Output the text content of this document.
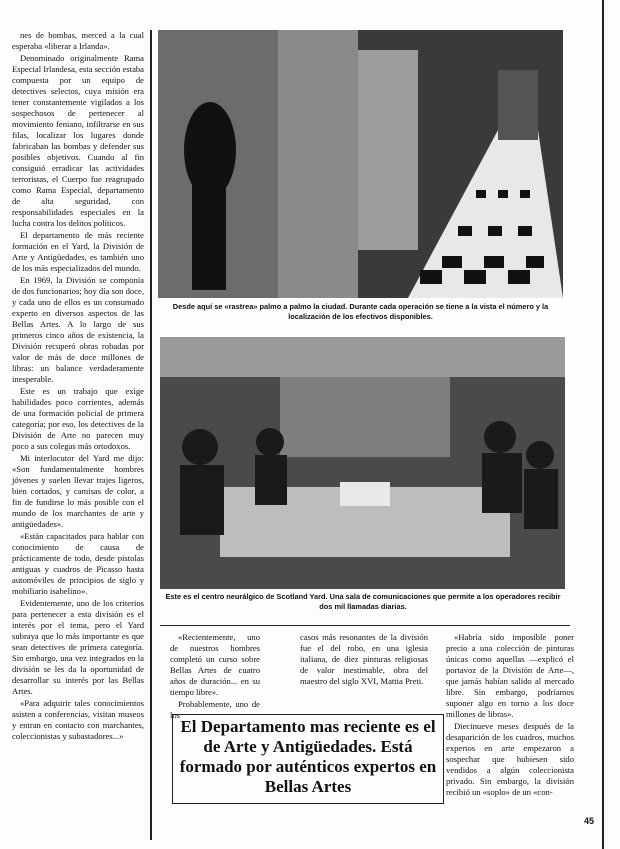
nes de bombas, merced a la cual esperaba «liberar a Irlanda».

Denominado originalmente Rama Especial Irlandesa, esta sección estaba compuesta por un equipo de detectives selectos, cuya misión era tener constantemente vigilados a los sospechosos de pertenecer al movimiento feniano, infiltrarse en sus filas, localizar los lugares donde fabricaban las bombas y defender sus posibles objetivos. Cuando al fin consiguió erradicar las actividades terroristas, el Cuerpo fue reagrupado como Rama Especial, departamento de alta seguridad, con responsabilidades especiales en la lucha contra los delitos políticos.

El departamento de más reciente formación en el Yard, la División de Arte y Antigüedades, es también uno de los más especializados del mundo.

En 1969, la División se componía de dos funcionarios; hoy día son doce, y cada uno de ellos es un consumado experto en diversos aspectos de las Bellas Artes. A lo largo de sus primeros cinco años de existencia, la División recuperó obras robadas por valor de más de doce millones de libras: un balance verdaderamente inesperable.

Este es un trabajo que exige habilidades poco corrientes, además de una formación policial de primera categoría; por eso, los detectives de la División de Arte no parecen muy poco a sus colegas más ortodoxos.

Mi interlocutor del Yard me dijo: «Son fundamentalmente hombres jóvenes y suelen llevar trajes ligeros, bien cortados, y camisas de color, a fin de fundirse lo más posible con el mundo de los marchantes de arte y antigüedades».

«Están capacitados para hablar con conocimiento de causa de prácticamente de todo, desde pistolas antiguas y cuadros de Picasso hasta automóviles de principios de siglo y mobiliario isabelino».

Evidentemente, uno de los criterios para pertenecer a esta división es el interés por el tema, pero el Yard subraya que lo más importante es que sean detectives de primera categoría. Sin embargo, una vez integrados en la división se les da la oportunidad de desarrollar su interés por las Bellas Artes.

«Para adquirir tales conocimientos asisten a conferencias, visitan museos y entran en contacto con marchantes, coleccionistas y subastadores...»

Desde aquí se «rastrea» palmo a palmo la ciudad. Durante cada operación se tiene a la vista el número y la localización de los efectivos disponibles.
Este es el centro neurálgico de Scotland Yard. Una sala de comunicaciones que permite a los operadores recibir dos mil llamadas diarias.

«Recientemente, uno de nuestros hombres completó un curso sobre Bellas Artes de cuatro años de duración... en su tiempo libre».

Probablemente, uno de los

casos más resonantes de la división fue el del robo, en una iglesia italiana, de diez pinturas religiosas de valor inestimable, obra del maestro del siglo XVI, Mattia Preti.

«Habría sido imposible poner precio a una colección de pinturas únicas como aquellas —explicó el portavoz de la División de Arte—, que jamás habían salido al mercado libre. Sin embargo, podríamos suponer algo en torno a los doce millones de libras».

Diecinueve meses después de la desaparición de los cuadros, muchos expertos en arte empezaron a sospechar que hubiesen sido vendidos a algún coleccionista privado. Sin embargo, la división recibió un «soplo» de un «con-

El Departamento mas reciente es el de Arte y Antigüedades. Está formado por auténticos expertos en Bellas Artes
45
